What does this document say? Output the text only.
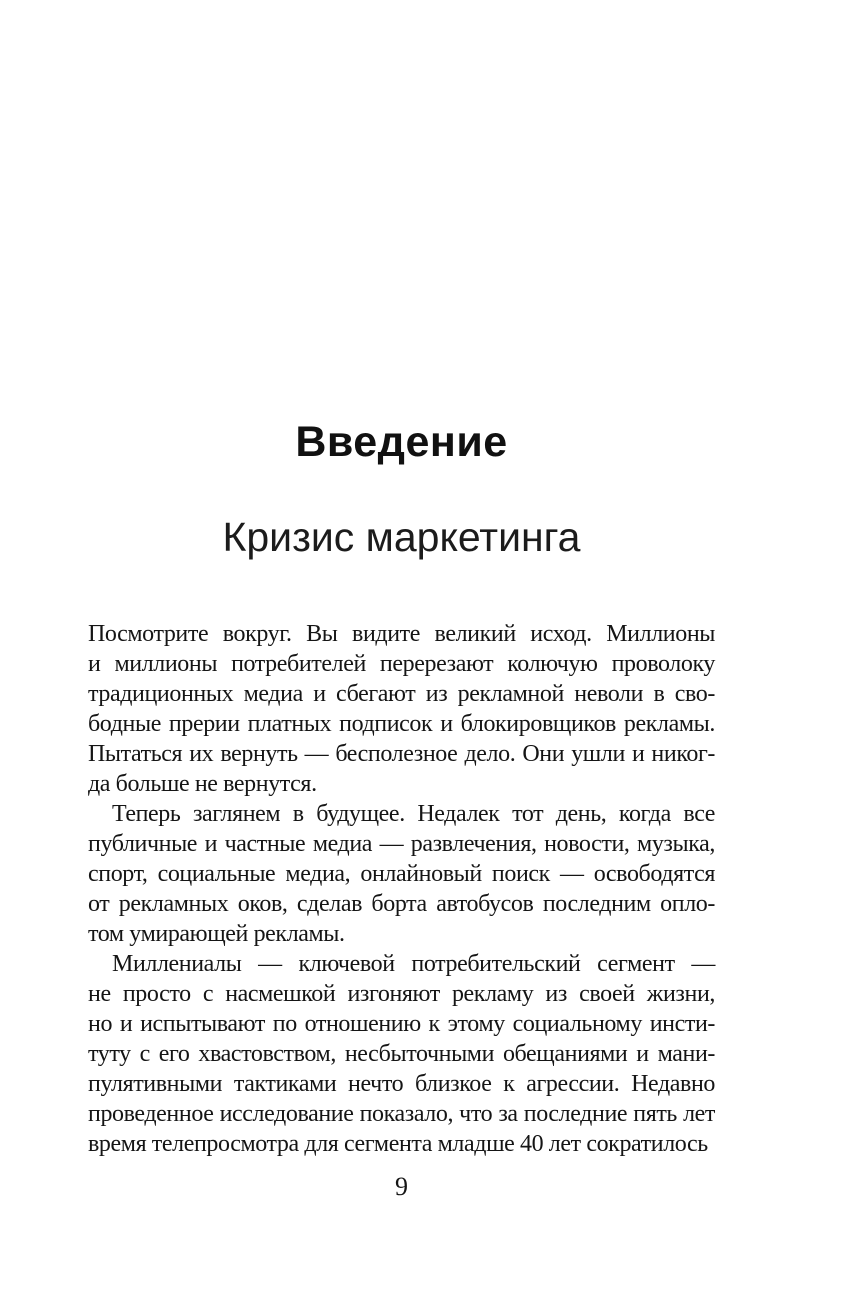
Введение
Кризис маркетинга
Посмотрите вокруг. Вы видите великий исход. Миллионы
и миллионы потребителей перерезают колючую проволоку
традиционных медиа и сбегают из рекламной неволи в сво-
бодные прерии платных подписок и блокировщиков рекламы.
Пытаться их вернуть — бесполезное дело. Они ушли и никог-
да больше не вернутся.
Теперь заглянем в будущее. Недалек тот день, когда все
публичные и частные медиа — развлечения, новости, музыка,
спорт, социальные медиа, онлайновый поиск — освободятся
от рекламных оков, сделав борта автобусов последним опло-
том умирающей рекламы.
Миллениалы — ключевой потребительский сегмент —
не просто с насмешкой изгоняют рекламу из своей жизни,
но и испытывают по отношению к этому социальному инсти-
туту с его хвастовством, несбыточными обещаниями и мани-
пулятивными тактиками нечто близкое к агрессии. Недавно
проведенное исследование показало, что за последние пять лет
время телепросмотра для сегмента младше 40 лет сократилось
9
